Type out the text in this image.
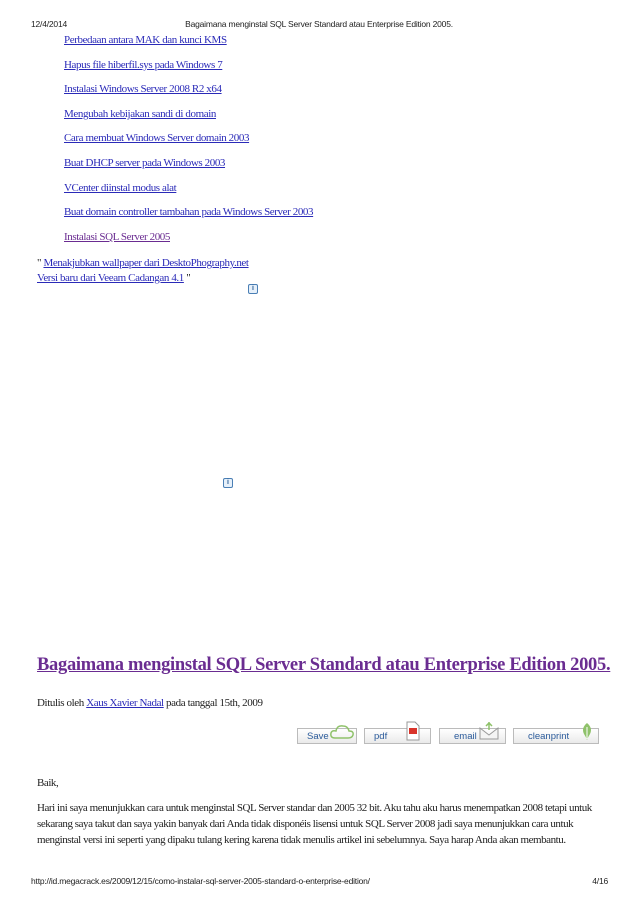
12/4/2014	Bagaimana menginstal SQL Server Standard atau Enterprise Edition 2005.
Perbedaan antara MAK dan kunci KMS
Hapus file hiberfil.sys pada Windows 7
Instalasi Windows Server 2008 R2 x64
Mengubah kebijakan sandi di domain
Cara membuat Windows Server domain 2003
Buat DHCP server pada Windows 2003
VCenter diinstal modus alat
Buat domain controller tambahan pada Windows Server 2003
Instalasi SQL Server 2005
" Menakjubkan wallpaper dari DesktoPhography.net
Versi baru dari Veeam Cadangan 4.1 "
i
i
Bagaimana menginstal SQL Server Standard atau Enterprise Edition 2005.
Ditulis oleh Xaus Xavier Nadal pada tanggal 15th, 2009
Save	pdf	email	cleanprint
Baik,
Hari ini saya menunjukkan cara untuk menginstal SQL Server standar dan 2005 32 bit. Aku tahu aku harus menempatkan 2008 tetapi untuk sekarang saya takut dan saya yakin banyak dari Anda tidak disponéis lisensi untuk SQL Server 2008 jadi saya menunjukkan cara untuk menginstal versi ini seperti yang dipaku tulang kering karena tidak menulis artikel ini sebelumnya. Saya harap Anda akan membantu.
http://id.megacrack.es/2009/12/15/como-instalar-sql-server-2005-standard-o-enterprise-edition/	4/16
